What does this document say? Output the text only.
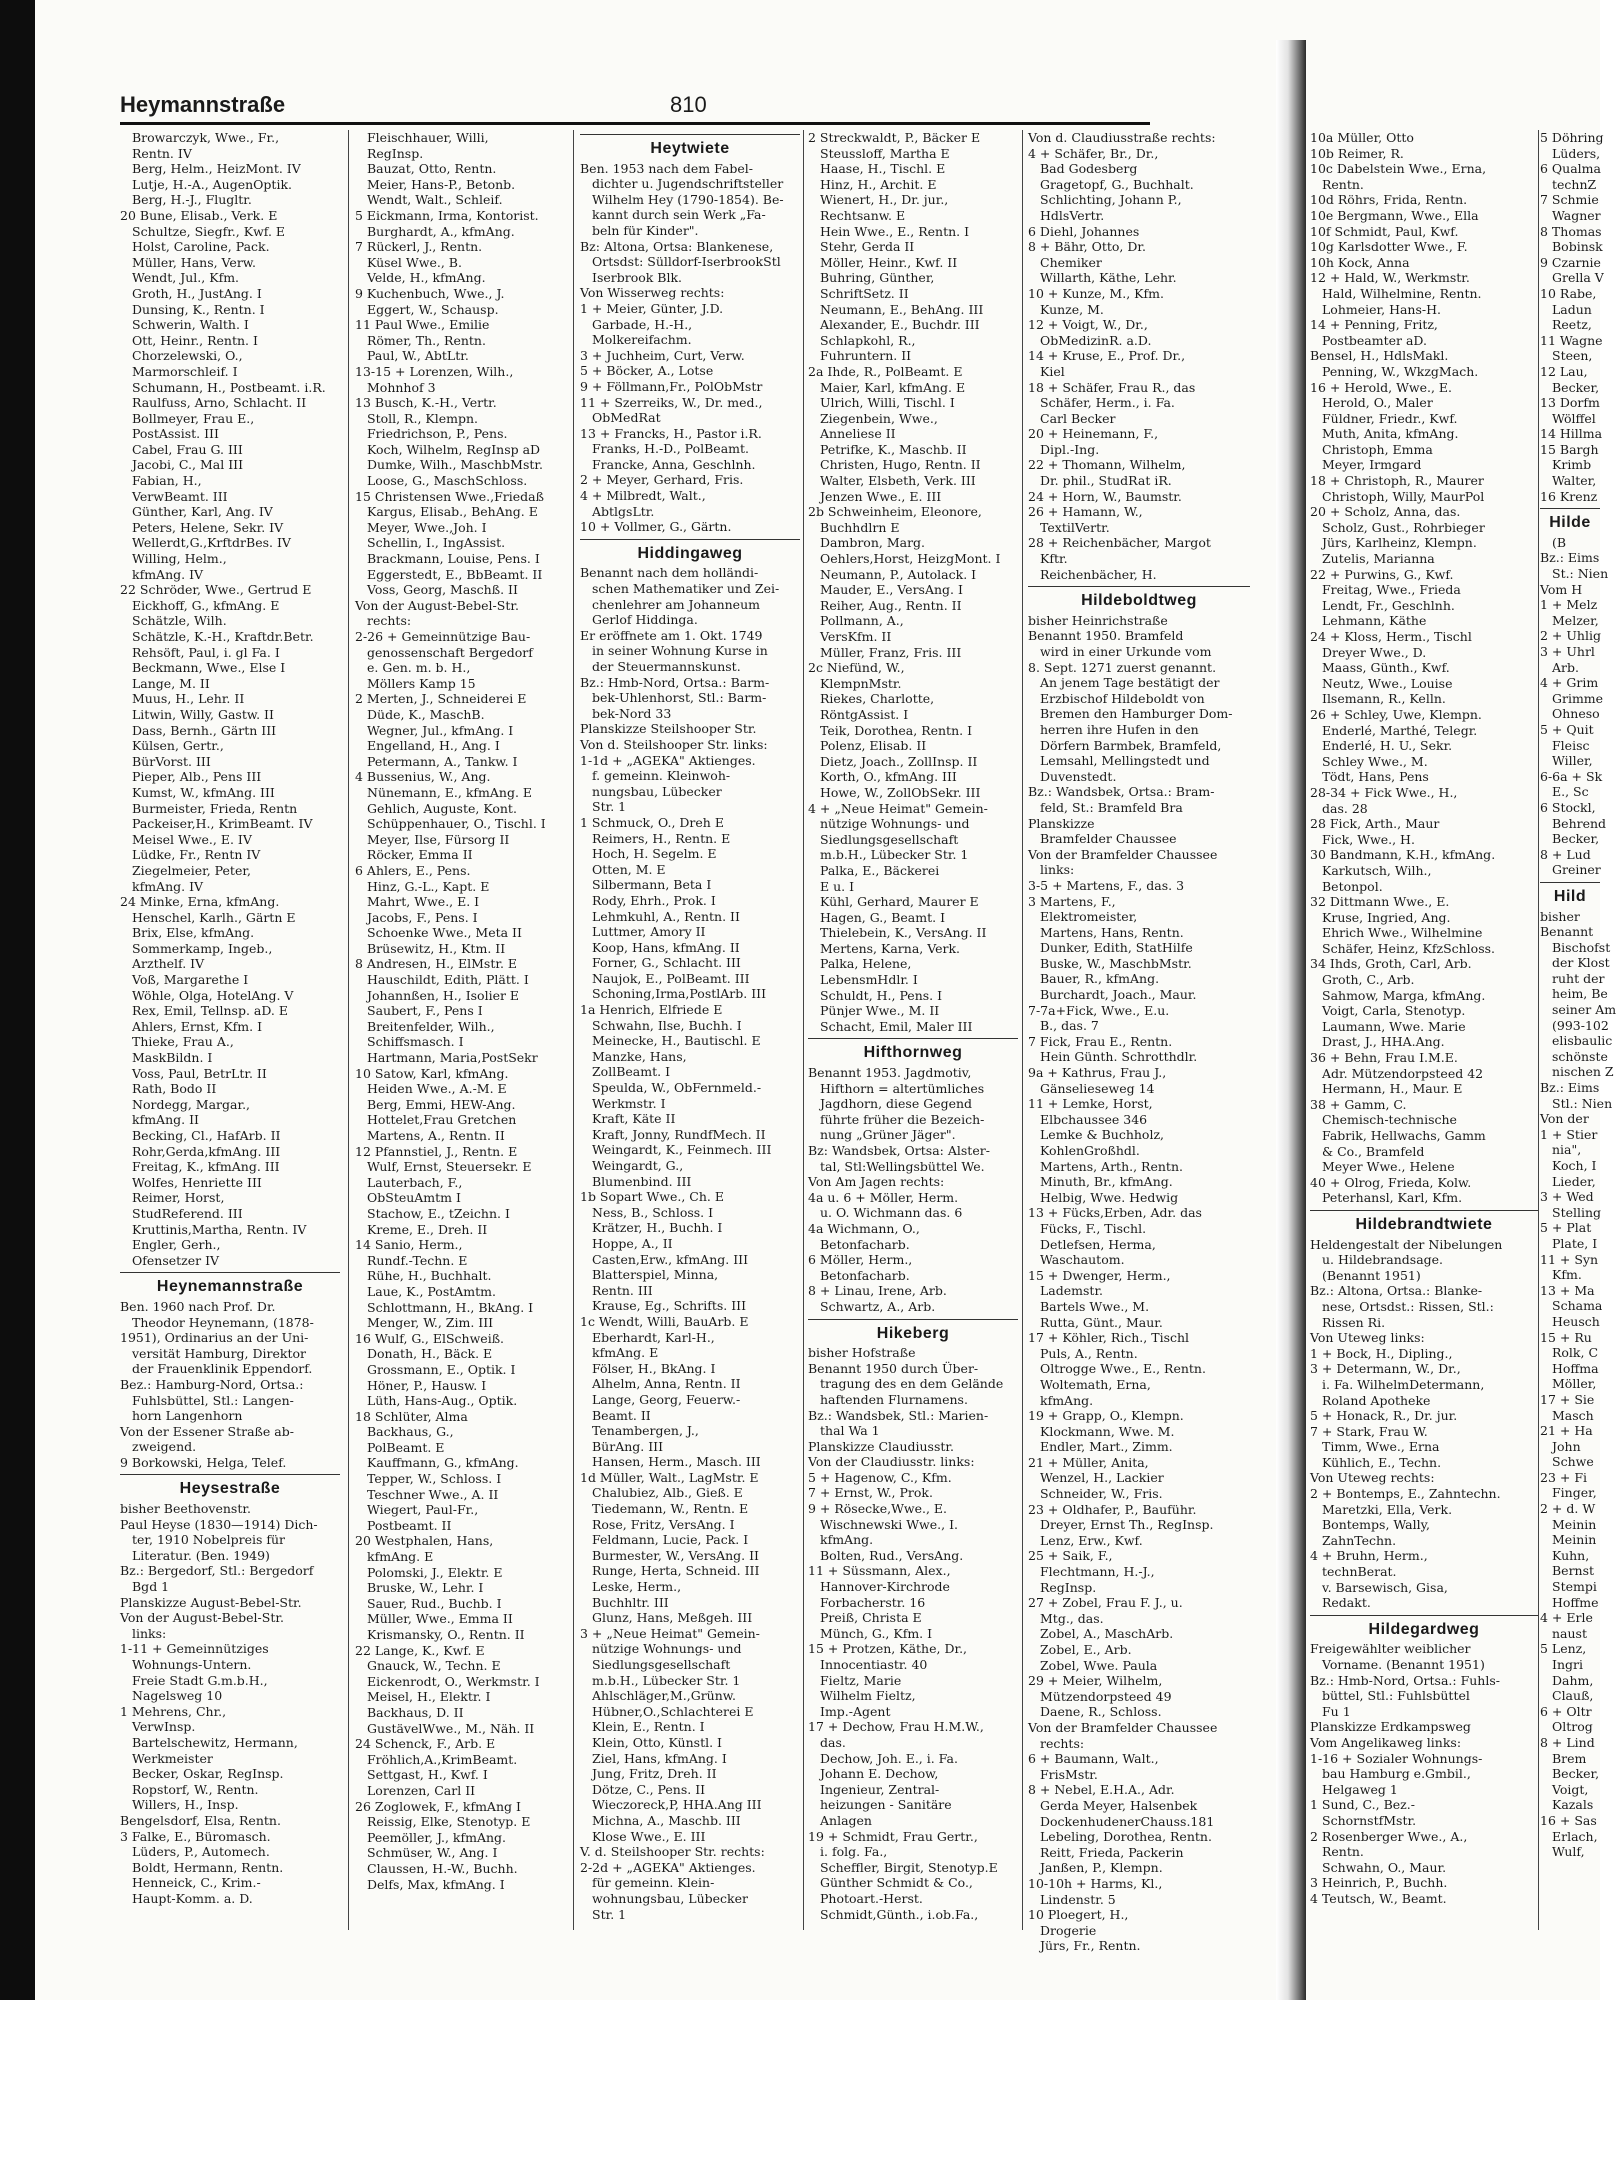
Heymannstraße	810
Browarczyk, Wwe., Fr.,
Rentn. IV
Berg, Helm., HeizMont. IV
Lutje, H.-A., AugenOptik.
Berg, H.-J., Flugltr.
20 Bune, Elisab., Verk. E
Schultze, Siegfr., Kwf. E
Holst, Caroline, Pack.
Müller, Hans, Verw.
Wendt, Jul., Kfm.
Groth, H., JustAng. I
Dunsing, K., Rentn. I
Schwerin, Walth. I
Ott, Heinr., Rentn. I
Chorzelewski, O.,
Marmorschleif. I
Schumann, H., Postbeamt. i.R.
Raulfuss, Arno, Schlacht. II
Bollmeyer, Frau E.,
PostAssist. III
Cabel, Frau G. III
Jacobi, C., Mal III
Fabian, H.,
VerwBeamt. III
Günther, Karl, Ang. IV
Peters, Helene, Sekr. IV
Wellerdt,G.,KrftdrBes. IV
Willing, Helm.,
kfmAng. IV
22 Schröder, Wwe., Gertrud E
Eickhoff, G., kfmAng. E
Schätzle, Wilh.
Schätzle, K.-H., Kraftdr.Betr.
Rehsöft, Paul, i. gl Fa. I
Beckmann, Wwe., Else I
Lange, M. II
Muus, H., Lehr. II
Litwin, Willy, Gastw. II
Dass, Bernh., Gärtn III
Külsen, Gertr.,
BürVorst. III
Pieper, Alb., Pens III
Kumst, W., kfmAng. III
Burmeister, Frieda, Rentn
Packeiser,H., KrimBeamt. IV
Meisel Wwe., E. IV
Lüdke, Fr., Rentn IV
Ziegelmeier, Peter,
kfmAng. IV
24 Minke, Erna, kfmAng.
Henschel, Karlh., Gärtn E
Brix, Else, kfmAng.
Sommerkamp, Ingeb.,
Arzthelf. IV
Voß, Margarethe I
Wöhle, Olga, HotelAng. V
Rex, Emil, Tellnsp. aD. E
Ahlers, Ernst, Kfm. I
Thieke, Frau A.,
MaskBildn. I
Voss, Paul, BetrLtr. II
Rath, Bodo II
Nordegg, Margar.,
kfmAng. II
Becking, Cl., HafArb. II
Rohr,Gerda,kfmAng. III
Freitag, K., kfmAng. III
Wolfes, Henriette III
Reimer, Horst,
StudReferend. III
Kruttinis,Martha, Rentn. IV
Engler, Gerh.,
Ofensetzer IV
Heynemannstraße
Ben. 1960 nach Prof. Dr.
Theodor Heynemann, (1878-
1951), Ordinarius an der Uni-
versität Hamburg, Direktor
der Frauenklinik Eppendorf.
Bez.: Hamburg-Nord, Ortsa.:
Fuhlsbüttel, Stl.: Langen-
horn Langenhorn
Von der Essener Straße ab-
zweigend.
9 Borkowski, Helga, Telef.
Heysestraße
bisher Beethovenstr.
Paul Heyse (1830—1914) Dich-
ter, 1910 Nobelpreis für
Literatur. (Ben. 1949)
Bz.: Bergedorf, Stl.: Bergedorf
Bgd 1
Planskizze August-Bebel-Str.
Von der August-Bebel-Str.
links:
1-11 + Gemeinnütziges
Wohnungs-Untern.
Freie Stadt G.m.b.H.,
Nagelsweg 10
1 Mehrens, Chr.,
VerwInsp.
Bartelschewitz, Hermann,
Werkmeister
Becker, Oskar, RegInsp.
Ropstorf, W., Rentn.
Willers, H., Insp.
Bengelsdorf, Elsa, Rentn.
3 Falke, E., Büromasch.
Lüders, P., Automech.
Boldt, Hermann, Rentn.
Henneick, C., Krim.-
Haupt-Komm. a. D.
Fleischhauer, Willi,
RegInsp.
Bauzat, Otto, Rentn.
Meier, Hans-P., Betonb.
Wendt, Walt., Schleif.
5 Eickmann, Irma, Kontorist.
Burghardt, A., kfmAng.
7 Rückerl, J., Rentn.
Küsel Wwe., B.
Velde, H., kfmAng.
9 Kuchenbuch, Wwe., J.
Eggert, W., Schausp.
11 Paul Wwe., Emilie
Römer, Th., Rentn.
Paul, W., AbtLtr.
13-15 + Lorenzen, Wilh.,
Mohnhof 3
13 Busch, K.-H., Vertr.
Stoll, R., Klempn.
Friedrichson, P., Pens.
Koch, Wilhelm, RegInsp aD
Dumke, Wilh., MaschbMstr.
Loose, G., MaschSchloss.
15 Christensen Wwe.,Friedaß
Kargus, Elisab., BehAng. E
Meyer, Wwe.,Joh. I
Schellin, I., IngAssist.
Brackmann, Louise, Pens. I
Eggerstedt, E., BbBeamt. II
Voss, Georg, Maschß. II
Von der August-Bebel-Str.
rechts:
2-26 + Gemeinnützige Bau-
genossenschaft Bergedorf
e. Gen. m. b. H.,
Möllers Kamp 15
2 Merten, J., Schneiderei E
Düde, K., MaschB.
Wegner, Jul., kfmAng. I
Engelland, H., Ang. I
Petermann, A., Tankw. I
4 Bussenius, W., Ang.
Nünemann, E., kfmAng. E
Gehlich, Auguste, Kont.
Schüppenhauer, O., Tischl. I
Meyer, Ilse, Fürsorg II
Röcker, Emma II
6 Ahlers, E., Pens.
Hinz, G.-L., Kapt. E
Mahrt, Wwe., E. I
Jacobs, F., Pens. I
Schoenke Wwe., Meta II
Brüsewitz, H., Ktm. II
8 Andresen, H., ElMstr. E
Hauschildt, Edith, Plätt. I
Johannßen, H., Isolier E
Saubert, F., Pens I
Breitenfelder, Wilh.,
Schiffsmasch. I
Hartmann, Maria,PostSekr
10 Satow, Karl, kfmAng.
Heiden Wwe., A.-M. E
Berg, Emmi, HEW-Ang.
Hottelet,Frau Gretchen
Martens, A., Rentn. II
12 Pfannstiel, J., Rentn. E
Wulf, Ernst, Steuersekr. E
Lauterbach, F.,
ObSteuAmtm I
Stachow, E., tZeichn. I
Kreme, E., Dreh. II
14 Sanio, Herm.,
Rundf.-Techn. E
Rühe, H., Buchhalt.
Laue, K., PostAmtm.
Schlottmann, H., BkAng. I
Menger, W., Zim. III
16 Wulf, G., ElSchweiß.
Donath, H., Bäck. E
Grossmann, E., Optik. I
Höner, P., Hausw. I
Lüth, Hans-Aug., Optik.
18 Schlüter, Alma
Backhaus, G.,
PolBeamt. E
Kauffmann, G., kfmAng.
Tepper, W., Schloss. I
Teschner Wwe., A. II
Wiegert, Paul-Fr.,
Postbeamt. II
20 Westphalen, Hans,
kfmAng. E
Polomski, J., Elektr. E
Bruske, W., Lehr. I
Sauer, Rud., Buchb. I
Müller, Wwe., Emma II
Krismansky, O., Rentn. II
22 Lange, K., Kwf. E
Gnauck, W., Techn. E
Eickenrodt, O., Werkmstr. I
Meisel, H., Elektr. I
Backhaus, D. II
GustävelWwe., M., Näh. II
24 Schenck, F., Arb. E
Fröhlich,A.,KrimBeamt.
Settgast, H., Kwf. I
Lorenzen, Carl II
26 Zoglowek, F., kfmAng I
Reissig, Elke, Stenotyp. E
Peemöller, J., kfmAng.
Schmüser, W., Ang. I
Claussen, H.-W., Buchh.
Delfs, Max, kfmAng. I
Heytwiete
Ben. 1953 nach dem Fabel-
dichter u. Jugendschriftsteller
Wilhelm Hey (1790-1854). Be-
kannt durch sein Werk „Fa-
beln für Kinder".
Bz: Altona, Ortsa: Blankenese,
Ortsdst: Sülldorf-IserbrookStl
Iserbrook Blk.
Von Wisserweg rechts:
1 + Meier, Günter, J.D.
Garbade, H.-H.,
Molkereifachm.
3 + Juchheim, Curt, Verw.
5 + Böcker, A., Lotse
9 + Föllmann,Fr., PolObMstr
11 + Szerreiks, W., Dr. med.,
ObMedRat
13 + Francks, H., Pastor i.R.
Franks, H.-D., PolBeamt.
Francke, Anna, Geschlnh.
2 + Meyer, Gerhard, Fris.
4 + Milbredt, Walt.,
AbtlgsLtr.
10 + Vollmer, G., Gärtn.
Hiddingaweg
Benannt nach dem holländi-
schen Mathematiker und Zei-
chenlehrer am Johanneum
Gerlof Hiddinga.
Er eröffnete am 1. Okt. 1749
in seiner Wohnung Kurse in
der Steuermannskunst.
Bz.: Hmb-Nord, Ortsa.: Barm-
bek-Uhlenhorst, Stl.: Barm-
bek-Nord 33
Planskizze Steilshooper Str.
Von d. Steilshooper Str. links:
1-1d + „AGEKA" Aktienges.
f. gemeinn. Kleinwoh-
nungsbau, Lübecker
Str. 1
1 Schmuck, O., Dreh E
Reimers, H., Rentn. E
Hoch, H. Segelm. E
Otten, M. E
Silbermann, Beta I
Rody, Ehrh., Prok. I
Lehmkuhl, A., Rentn. II
Luttmer, Amory II
Koop, Hans, kfmAng. II
Forner, G., Schlacht. III
Naujok, E., PolBeamt. III
Schoning,Irma,PostlArb. III
1a Henrich, Elfriede E
Schwahn, Ilse, Buchh. I
Meinecke, H., Bautischl. E
Manzke, Hans,
ZollBeamt. I
Speulda, W., ObFernmeld.-
Werkmstr. I
Kraft, Käte II
Kraft, Jonny, RundfMech. II
Weingardt, K., Feinmech. III
Weingardt, G.,
Blumenbind. III
1b Sopart Wwe., Ch. E
Ness, B., Schloss. I
Krätzer, H., Buchh. I
Hoppe, A., II
Casten,Erw., kfmAng. III
Blatterspiel, Minna,
Rentn. III
Krause, Eg., Schrifts. III
1c Wendt, Willi, BauArb. E
Eberhardt, Karl-H.,
kfmAng. E
Fölser, H., BkAng. I
Alhelm, Anna, Rentn. II
Lange, Georg, Feuerw.-
Beamt. II
Tenambergen, J.,
BürAng. III
Hansen, Herm., Masch. III
1d Müller, Walt., LagMstr. E
Chalubiez, Alb., Gieß. E
Tiedemann, W., Rentn. E
Rose, Fritz, VersAng. I
Feldmann, Lucie, Pack. I
Burmester, W., VersAng. II
Runge, Herta, Schneid. III
Leske, Herm.,
Buchhltr. III
Glunz, Hans, Meßgeh. III
3 + „Neue Heimat" Gemein-
nützige Wohnungs- und
Siedlungsgesellschaft
m.b.H., Lübecker Str. 1
Ahlschläger,M.,Grünw.
Hübner,O.,Schlachterei E
Klein, E., Rentn. I
Klein, Otto, Künstl. I
Ziel, Hans, kfmAng. I
Jung, Fritz, Dreh. II
Dötze, C., Pens. II
Wieczoreck,P, HHA.Ang III
Michna, A., Maschb. III
Klose Wwe., E. III
V. d. Steilshooper Str. rechts:
2-2d + „AGEKA" Aktienges.
für gemeinn. Klein-
wohnungsbau, Lübecker
Str. 1
2 Streckwaldt, P., Bäcker E
Steussloff, Martha E
Haase, H., Tischl. E
Hinz, H., Archit. E
Wienert, H., Dr. jur.,
Rechtsanw. E
Hein Wwe., E., Rentn. I
Stehr, Gerda II
Möller, Heinr., Kwf. II
Buhring, Günther,
SchriftSetz. II
Neumann, E., BehAng. III
Alexander, E., Buchdr. III
Schlapkohl, R.,
Fuhruntern. II
2a Ihde, R., PolBeamt. E
Maier, Karl, kfmAng. E
Ulrich, Willi, Tischl. I
Ziegenbein, Wwe.,
Anneliese II
Petrifke, K., Maschb. II
Christen, Hugo, Rentn. II
Walter, Elsbeth, Verk. III
Jenzen Wwe., E. III
2b Schweinheim, Eleonore,
Buchhdlrn E
Dambron, Marg.
Oehlers,Horst, HeizgMont. I
Neumann, P., Autolack. I
Mauder, E., VersAng. I
Reiher, Aug., Rentn. II
Pollmann, A.,
VersKfm. II
Müller, Franz, Fris. III
2c Niefünd, W.,
KlempnMstr.
Riekes, Charlotte,
RöntgAssist. I
Teik, Dorothea, Rentn. I
Polenz, Elisab. II
Dietz, Joach., ZollInsp. II
Korth, O., kfmAng. III
Howe, W., ZollObSekr. III
4 + „Neue Heimat" Gemein-
nützige Wohnungs- und
Siedlungsgesellschaft
m.b.H., Lübecker Str. 1
Palka, E., Bäckerei
E u. I
Kühl, Gerhard, Maurer E
Hagen, G., Beamt. I
Thielebein, K., VersAng. II
Mertens, Karna, Verk.
Palka, Helene,
LebensmHdlr. I
Schuldt, H., Pens. I
Pünjer Wwe., M. II
Schacht, Emil, Maler III
Hifthornweg
Benannt 1953. Jagdmotiv,
Hifthorn = altertümliches
Jagdhorn, diese Gegend
führte früher die Bezeich-
nung „Grüner Jäger".
Bz: Wandsbek, Ortsa: Alster-
tal, Stl:Wellingsbüttel We.
Von Am Jagen rechts:
4a u. 6 + Möller, Herm.
u. O. Wichmann das. 6
4a Wichmann, O.,
Betonfacharb.
6 Möller, Herm.,
Betonfacharb.
8 + Linau, Irene, Arb.
Schwartz, A., Arb.
Hikeberg
bisher Hofstraße
Benannt 1950 durch Über-
tragung des en dem Gelände
haftenden Flurnamens.
Bz.: Wandsbek, Stl.: Marien-
thal Wa 1
Planskizze Claudiusstr.
Von der Claudiusstr. links:
5 + Hagenow, C., Kfm.
7 + Ernst, W., Prok.
9 + Rösecke,Wwe., E.
Wischnewski Wwe., I.
kfmAng.
Bolten, Rud., VersAng.
11 + Süssmann, Alex.,
Hannover-Kirchrode
Forbacherstr. 16
Preiß, Christa E
Münch, G., Kfm. I
15 + Protzen, Käthe, Dr.,
Innocentiastr. 40
Fieltz, Marie
Wilhelm Fieltz,
Imp.-Agent
17 + Dechow, Frau H.M.W.,
das.
Dechow, Joh. E., i. Fa.
Johann E. Dechow,
Ingenieur, Zentral-
heizungen - Sanitäre
Anlagen
19 + Schmidt, Frau Gertr.,
i. folg. Fa.,
Scheffler, Birgit, Stenotyp.E
Günther Schmidt & Co.,
Photoart.-Herst.
Schmidt,Günth., i.ob.Fa.,
Von d. Claudiusstraße rechts:
4 + Schäfer, Br., Dr.,
Bad Godesberg
Gragetopf, G., Buchhalt.
Schlichting, Johann P.,
HdlsVertr.
6 Diehl, Johannes
8 + Bähr, Otto, Dr.
Chemiker
Willarth, Käthe, Lehr.
10 + Kunze, M., Kfm.
Kunze, M.
12 + Voigt, W., Dr.,
ObMedizinR. a.D.
14 + Kruse, E., Prof. Dr.,
Kiel
18 + Schäfer, Frau R., das
Schäfer, Herm., i. Fa.
Carl Becker
20 + Heinemann, F.,
Dipl.-Ing.
22 + Thomann, Wilhelm,
Dr. phil., StudRat iR.
24 + Horn, W., Baumstr.
26 + Hamann, W.,
TextilVertr.
28 + Reichenbächer, Margot
Kftr.
Reichenbächer, H.
Hildeboldtweg
bisher Heinrichstraße
Benannt 1950. Bramfeld
wird in einer Urkunde vom
8. Sept. 1271 zuerst genannt.
An jenem Tage bestätigt der
Erzbischof Hildeboldt von
Bremen den Hamburger Dom-
herren ihre Hufen in den
Dörfern Barmbek, Bramfeld,
Lemsahl, Mellingstedt und
Duvenstedt.
Bz.: Wandsbek, Ortsa.: Bram-
feld, St.: Bramfeld Bra
Planskizze
Bramfelder Chaussee
Von der Bramfelder Chaussee
links:
3-5 + Martens, F., das. 3
3 Martens, F.,
Elektromeister,
Martens, Hans, Rentn.
Dunker, Edith, StatHilfe
Buske, W., MaschbMstr.
Bauer, R., kfmAng.
Burchardt, Joach., Maur.
7-7a+Fick, Wwe., E.u.
B., das. 7
7 Fick, Frau E., Rentn.
Hein Günth. Schrotthdlr.
9a + Kathrus, Frau J.,
Gänselieseweg 14
11 + Lemke, Horst,
Elbchaussee 346
Lemke & Buchholz,
KohlenGroßhdl.
Martens, Arth., Rentn.
Minuth, Br., kfmAng.
Helbig, Wwe. Hedwig
13 + Fücks,Erben, Adr. das
Fücks, F., Tischl.
Detlefsen, Herma,
Waschautom.
15 + Dwenger, Herm.,
Lademstr.
Bartels Wwe., M.
Rutta, Günt., Maur.
17 + Köhler, Rich., Tischl
Puls, A., Rentn.
Oltrogge Wwe., E., Rentn.
Woltemath, Erna,
kfmAng.
19 + Grapp, O., Klempn.
Klockmann, Wwe. M.
Endler, Mart., Zimm.
21 + Müller, Anita,
Wenzel, H., Lackier
Schneider, W., Fris.
23 + Oldhafer, P., Bauführ.
Dreyer, Ernst Th., RegInsp.
Lenz, Erw., Kwf.
25 + Saik, F.,
Flechtmann, H.-J.,
RegInsp.
27 + Zobel, Frau F. J., u.
Mtg., das.
Zobel, A., MaschArb.
Zobel, E., Arb.
Zobel, Wwe. Paula
29 + Meier, Wilhelm,
Mützendorpsteed 49
Daene, R., Schloss.
Von der Bramfelder Chaussee
rechts:
6 + Baumann, Walt.,
FrisMstr.
8 + Nebel, E.H.A., Adr.
Gerda Meyer, Halsenbek
DockenhudenerChauss.181
Lebeling, Dorothea, Rentn.
Reitt, Frieda, Packerin
Janßen, P., Klempn.
10-10h + Harms, Kl.,
Lindenstr. 5
10 Ploegert, H.,
Drogerie
Jürs, Fr., Rentn.
10a Müller, Otto
10b Reimer, R.
10c Dabelstein Wwe., Erna,
Rentn.
10d Röhrs, Frida, Rentn.
10e Bergmann, Wwe., Ella
10f Schmidt, Paul, Kwf.
10g Karlsdotter Wwe., F.
10h Kock, Anna
12 + Hald, W., Werkmstr.
Hald, Wilhelmine, Rentn.
Lohmeier, Hans-H.
14 + Penning, Fritz,
Postbeamter aD.
Bensel, H., HdlsMakl.
Penning, W., WkzgMach.
16 + Herold, Wwe., E.
Herold, O., Maler
Füldner, Friedr., Kwf.
Muth, Anita, kfmAng.
Christoph, Emma
Meyer, Irmgard
18 + Christoph, R., Maurer
Christoph, Willy, MaurPol
20 + Scholz, Anna, das.
Scholz, Gust., Rohrbieger
Jürs, Karlheinz, Klempn.
Zutelis, Marianna
22 + Purwins, G., Kwf.
Freitag, Wwe., Frieda
Lendt, Fr., Geschlnh.
Lehmann, Käthe
24 + Kloss, Herm., Tischl
Dreyer Wwe., D.
Maass, Günth., Kwf.
Neutz, Wwe., Louise
Ilsemann, R., Kelln.
26 + Schley, Uwe, Klempn.
Enderlé, Marthé, Telegr.
Enderlé, H. U., Sekr.
Schley Wwe., M.
Tödt, Hans, Pens
28-34 + Fick Wwe., H.,
das. 28
28 Fick, Arth., Maur
Fick, Wwe., H.
30 Bandmann, K.H., kfmAng.
Karkutsch, Wilh.,
Betonpol.
32 Dittmann Wwe., E.
Kruse, Ingried, Ang.
Ehrich Wwe., Wilhelmine
Schäfer, Heinz, KfzSchloss.
34 Ihds, Groth, Carl, Arb.
Groth, C., Arb.
Sahmow, Marga, kfmAng.
Voigt, Carla, Stenotyp.
Laumann, Wwe. Marie
Drast, J., HHA.Ang.
36 + Behn, Frau I.M.E.
Adr. Mützendorpsteed 42
Hermann, H., Maur. E
38 + Gamm, C.
Chemisch-technische
Fabrik, Hellwachs, Gamm
& Co., Bramfeld
Meyer Wwe., Helene
40 + Olrog, Frieda, Kolw.
Peterhansl, Karl, Kfm.
Hildebrandtwiete
Heldengestalt der Nibelungen
u. Hildebrandsage.
(Benannt 1951)
Bz.: Altona, Ortsa.: Blanke-
nese, Ortsdst.: Rissen, Stl.:
Rissen Ri.
Von Uteweg links:
1 + Bock, H., Dipling.,
3 + Determann, W., Dr.,
i. Fa. WilhelmDetermann,
Roland Apotheke
5 + Honack, R., Dr. jur.
7 + Stark, Frau W.
Timm, Wwe., Erna
Kühlich, E., Techn.
Von Uteweg rechts:
2 + Bontemps, E., Zahntechn.
Maretzki, Ella, Verk.
Bontemps, Wally,
ZahnTechn.
4 + Bruhn, Herm.,
technBerat.
v. Barsewisch, Gisa,
Redakt.
Hildegardweg
Freigewählter weiblicher
Vorname. (Benannt 1951)
Bz.: Hmb-Nord, Ortsa.: Fuhls-
büttel, Stl.: Fuhlsbüttel
Fu 1
Planskizze Erdkampsweg
Vom Angelikaweg links:
1-16 + Sozialer Wohnungs-
bau Hamburg e.Gmbil.,
Helgaweg 1
1 Sund, C., Bez.-
SchornstfMstr.
2 Rosenberger Wwe., A.,
Rentn.
Schwahn, O., Maur.
3 Heinrich, P., Buchh.
4 Teutsch, W., Beamt.
5 Döhring
Lüders,
6 Qualma
technZ
7 Schmie
Wagner
8 Thomas
Bobinsk
9 Czarnie
Grella V
10 Rabe,
Ladun
Reetz,
11 Wagne
Steen,
12 Lau,
Becker,
13 Dorfm
Wölffel
14 Hillma
15 Bargh
Krimb
Walter,
16 Krenz
Hilde
(B
Bz.: Eims
St.: Nien
Vom H
1 + Melz
Melzer,
2 + Uhlig
3 + Uhrl
Arb.
4 + Grim
Grimme
Ohneso
5 + Quit
Fleisc
Willer,
6-6a + Sk
E., Sc
6 Stockl,
Behrend
Becker,
8 + Lud
Greiner
Hild
bisher
Benannt
Bischofst
der Klost
ruht der
heim, Be
seiner Am
(993-102
elisbaulic
schönste
nischen Z
Bz.: Eims
Stl.: Nien
Von der
1 + Stier
nia",
Koch, I
Lieder,
3 + Wed
Stelling
5 + Plat
Plate, I
11 + Syn
Kfm.
13 + Ma
Schama
Heusch
15 + Ru
Rolk, C
Hoffma
Möller,
17 + Sie
Masch
21 + Ha
John
Schwe
23 + Fi
Finger,
2 + d. W
Meinin
Meinin
Kuhn,
Bernst
Stempi
Hoffme
4 + Erle
naust
5 Lenz,
Ingri
Dahm,
Clauß,
6 + Oltr
Oltrog
8 + Lind
Brem
Becker,
Voigt,
Kazals
16 + Sas
Erlach,
Wulf,
